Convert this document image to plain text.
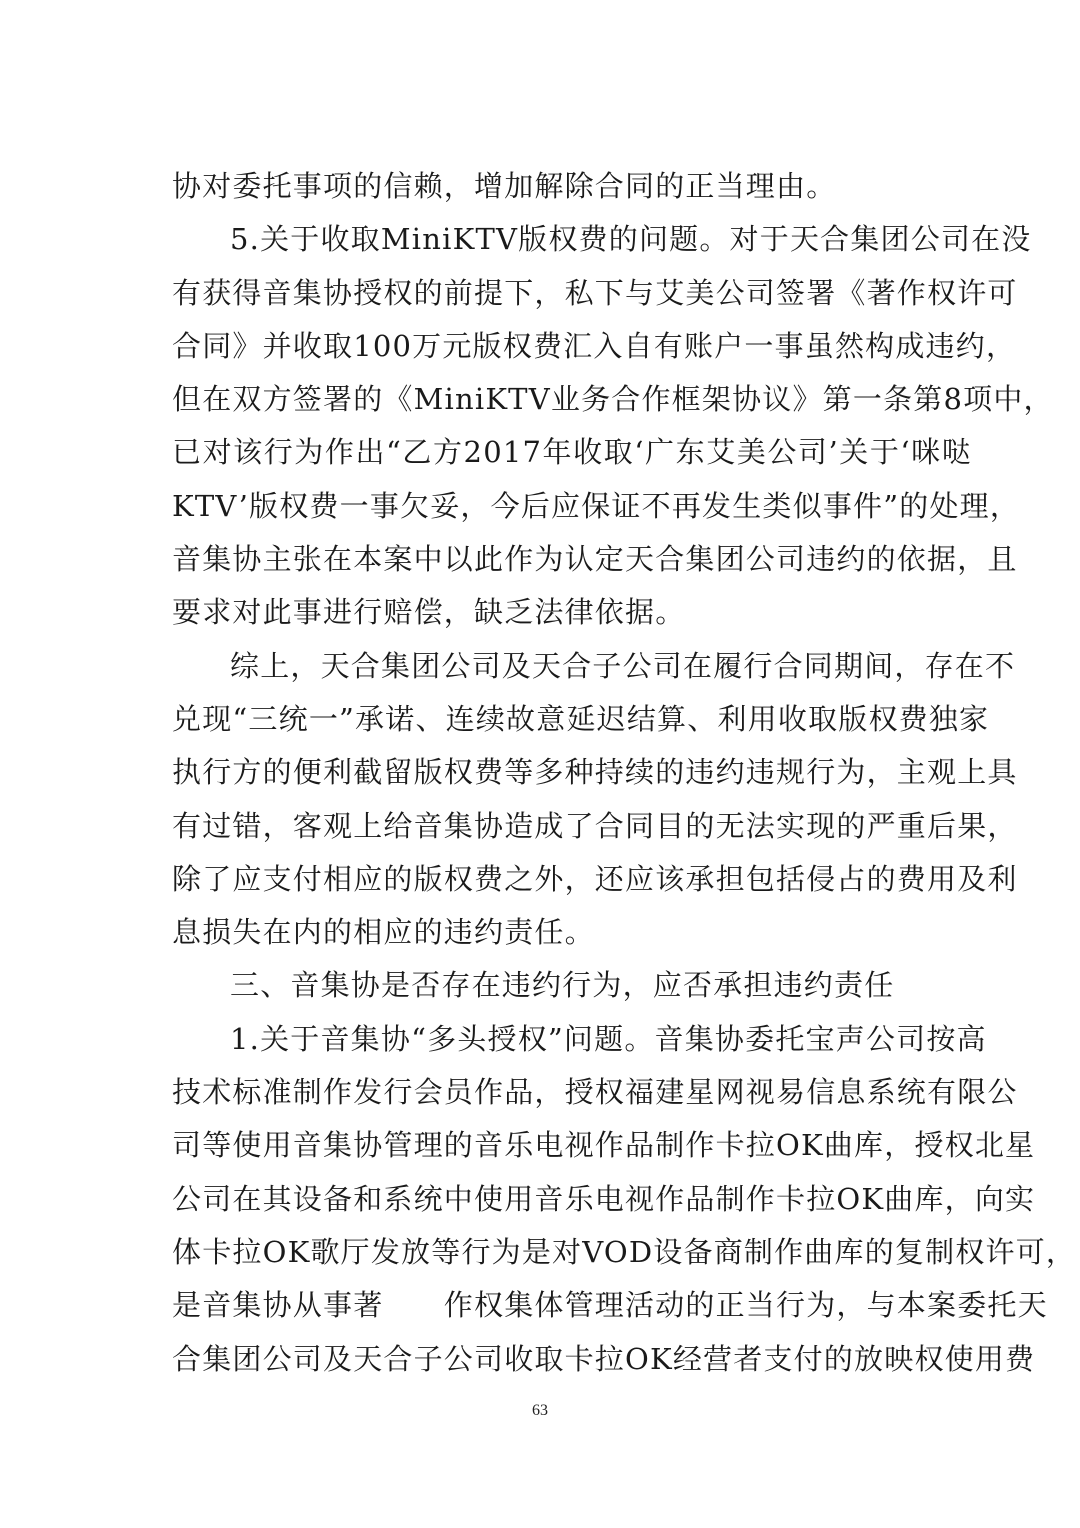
协对委托事项的信赖，增加解除合同的正当理由。
5.关于收取MiniKTV版权费的问题。对于天合集团公司在没
有获得音集协授权的前提下，私下与艾美公司签署《著作权许可
合同》并收取100万元版权费汇入自有账户一事虽然构成违约，
但在双方签署的《MiniKTV业务合作框架协议》第一条第8项中，
已对该行为作出“乙方2017年收取‘广东艾美公司’关于‘咪哒
KTV’版权费一事欠妥，今后应保证不再发生类似事件”的处理，
音集协主张在本案中以此作为认定天合集团公司违约的依据，且
要求对此事进行赔偿，缺乏法律依据。
综上，天合集团公司及天合子公司在履行合同期间，存在不
兑现“三统一”承诺、连续故意延迟结算、利用收取版权费独家
执行方的便利截留版权费等多种持续的违约违规行为，主观上具
有过错，客观上给音集协造成了合同目的无法实现的严重后果，
除了应支付相应的版权费之外，还应该承担包括侵占的费用及利
息损失在内的相应的违约责任。
三、音集协是否存在违约行为，应否承担违约责任
1.关于音集协“多头授权”问题。音集协委托宝声公司按高
技术标准制作发行会员作品，授权福建星网视易信息系统有限公
司等使用音集协管理的音乐电视作品制作卡拉OK曲库，授权北星
公司在其设备和系统中使用音乐电视作品制作卡拉OK曲库，向实
体卡拉OK歌厅发放等行为是对VOD设备商制作曲库的复制权许可，
是音集协从事著　　作权集体管理活动的正当行为，与本案委托天
合集团公司及天合子公司收取卡拉OK经营者支付的放映权使用费
63
